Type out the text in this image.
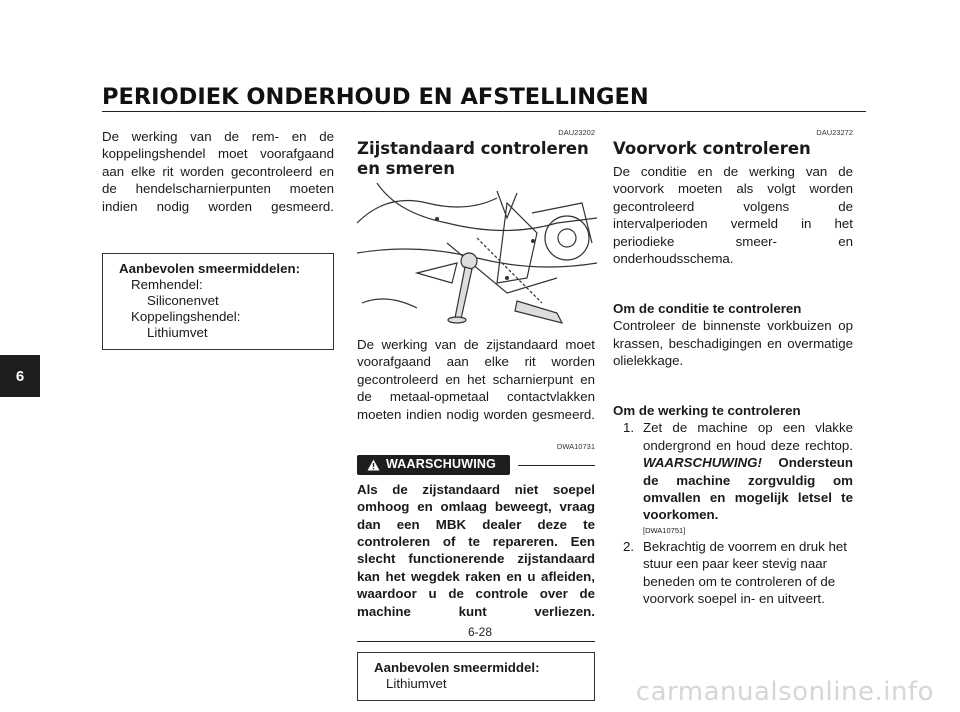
PERIODIEK ONDERHOUD EN AFSTELLINGEN
6

De werking van de rem- en de koppelingshendel moet voorafgaand aan elke rit worden gecontroleerd en de hendelscharnierpunten moeten indien nodig worden gesmeerd.

Aanbevolen smeermiddelen:
Remhendel:
Siliconenvet
Koppelingshendel:
Lithiumvet

DAU23202

Zijstandaard controleren en smeren

De werking van de zijstandaard moet voorafgaand aan elke rit worden gecontroleerd en het scharnierpunt en de metaal-opmetaal contactvlakken moeten indien nodig worden gesmeerd.

DWA10731

WAARSCHUWING

Als de zijstandaard niet soepel omhoog en omlaag beweegt, vraag dan een MBK dealer deze te controleren of te repareren. Een slecht functionerende zijstandaard kan het wegdek raken en u afleiden, waardoor u de controle over de machine kunt verliezen.

Aanbevolen smeermiddel:
Lithiumvet

DAU23272

Voorvork controleren

De conditie en de werking van de voorvork moeten als volgt worden gecontroleerd volgens de intervalperioden vermeld in het periodieke smeer- en onderhoudsschema.

Om de conditie te controleren

Controleer de binnenste vorkbuizen op krassen, beschadigingen en overmatige olielekkage.

Om de werking te controleren

1. Zet de machine op een vlakke ondergrond en houd deze rechtop. WAARSCHUWING! Ondersteun de machine zorgvuldig om omvallen en mogelijk letsel te voorkomen.
[DWA10751]
2. Bekrachtig de voorrem en druk het stuur een paar keer stevig naar beneden om te controleren of de voorvork soepel in- en uitveert.
6-28
carmanualsonline.info
